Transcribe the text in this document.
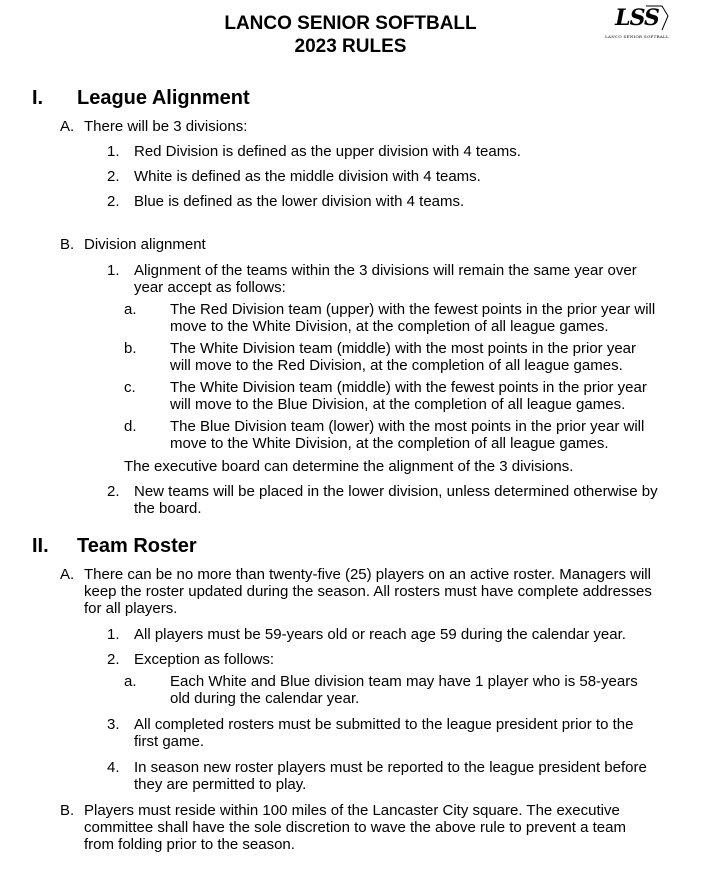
LANCO SENIOR SOFTBALL
2023 RULES
LSS
LANCO SENIOR SOFTBALL
I. League Alignment
A. There will be 3 divisions:
1. Red Division is defined as the upper division with 4 teams.
2. White is defined as the middle division with 4 teams.
2. Blue is defined as the lower division with 4 teams.
B. Division alignment
1. Alignment of the teams within the 3 divisions will remain the same year over
year accept as follows:
a. The Red Division team (upper) with the fewest points in the prior year will
move to the White Division, at the completion of all league games.
b. The White Division team (middle) with the most points in the prior year
will move to the Red Division, at the completion of all league games.
c. The White Division team (middle) with the fewest points in the prior year
will move to the Blue Division, at the completion of all league games.
d. The Blue Division team (lower) with the most points in the prior year will
move to the White Division, at the completion of all league games.
The executive board can determine the alignment of the 3 divisions.
2. New teams will be placed in the lower division, unless determined otherwise by
the board.
II. Team Roster
A. There can be no more than twenty-five (25) players on an active roster. Managers will
keep the roster updated during the season. All rosters must have complete addresses
for all players.
1. All players must be 59-years old or reach age 59 during the calendar year.
2. Exception as follows:
a. Each White and Blue division team may have 1 player who is 58-years
old during the calendar year.
3. All completed rosters must be submitted to the league president prior to the
first game.
4. In season new roster players must be reported to the league president before
they are permitted to play.
B. Players must reside within 100 miles of the Lancaster City square. The executive
committee shall have the sole discretion to wave the above rule to prevent a team
from folding prior to the season.
